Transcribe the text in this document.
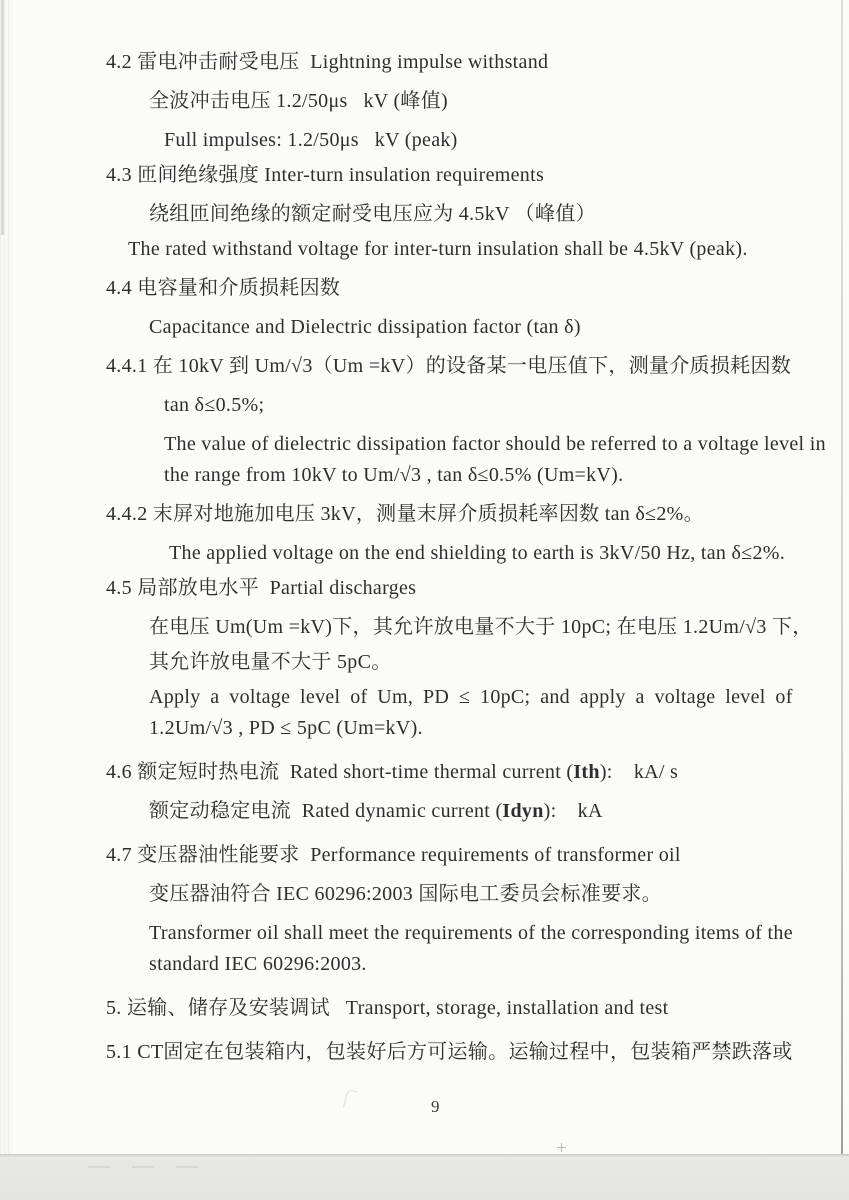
4.2 雷电冲击耐受电压  Lightning impulse withstand
全波冲击电压 1.2/50μs   kV (峰值)
Full impulses: 1.2/50μs   kV (peak)
4.3 匝间绝缘强度 Inter-turn insulation requirements
绕组匝间绝缘的额定耐受电压应为 4.5kV （峰值）
The rated withstand voltage for inter-turn insulation shall be 4.5kV (peak).
4.4 电容量和介质损耗因数
Capacitance and Dielectric dissipation factor (tan δ)
4.4.1 在 10kV 到 Um/√3（Um =kV）的设备某一电压值下，测量介质损耗因数
tan δ≤0.5%;
The value of dielectric dissipation factor should be referred to a voltage level in
the range from 10kV to Um/√3 , tan δ≤0.5% (Um=kV).
4.4.2 末屏对地施加电压 3kV，测量末屏介质损耗率因数 tan δ≤2%。
The applied voltage on the end shielding to earth is 3kV/50 Hz, tan δ≤2%.
4.5 局部放电水平  Partial discharges
在电压 Um(Um =kV)下，其允许放电量不大于 10pC; 在电压 1.2Um/√3 下，
其允许放电量不大于 5pC。
Apply a voltage level of Um, PD ≤ 10pC; and apply a voltage level of
1.2Um/√3 , PD ≤ 5pC (Um=kV).
4.6 额定短时热电流  Rated short-time thermal current (Ith):    kA/ s
额定动稳定电流  Rated dynamic current (Idyn):    kA
4.7 变压器油性能要求  Performance requirements of transformer oil
变压器油符合 IEC 60296:2003 国际电工委员会标准要求。
Transformer oil shall meet the requirements of the corresponding items of the
standard IEC 60296:2003.
5. 运输、储存及安装调试   Transport, storage, installation and test
5.1 CT固定在包装箱内，包装好后方可运输。运输过程中，包装箱严禁跌落或
9
